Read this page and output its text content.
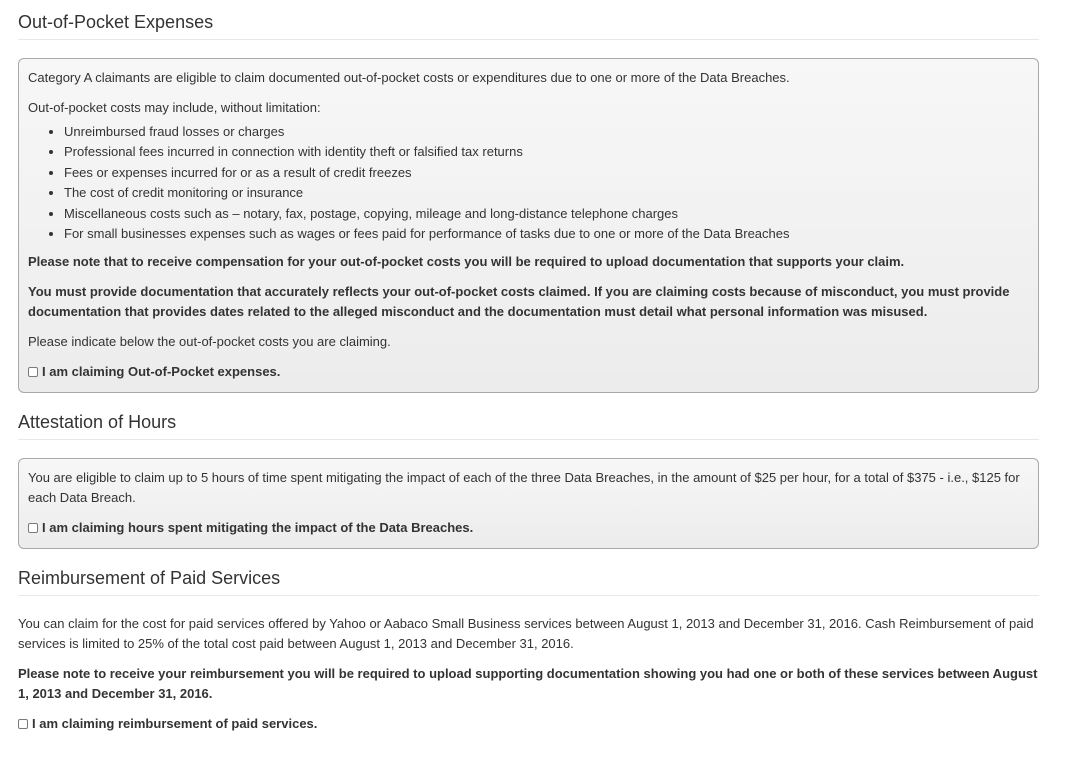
Out-of-Pocket Expenses

Category A claimants are eligible to claim documented out-of-pocket costs or expenditures due to one or more of the Data Breaches.

Out-of-pocket costs may include, without limitation:

• Unreimbursed fraud losses or charges
• Professional fees incurred in connection with identity theft or falsified tax returns
• Fees or expenses incurred for or as a result of credit freezes
• The cost of credit monitoring or insurance
• Miscellaneous costs such as – notary, fax, postage, copying, mileage and long-distance telephone charges
• For small businesses expenses such as wages or fees paid for performance of tasks due to one or more of the Data Breaches

Please note that to receive compensation for your out-of-pocket costs you will be required to upload documentation that supports your claim.

You must provide documentation that accurately reflects your out-of-pocket costs claimed. If you are claiming costs because of misconduct, you must provide documentation that provides dates related to the alleged misconduct and the documentation must detail what personal information was misused.

Please indicate below the out-of-pocket costs you are claiming.

I am claiming Out-of-Pocket expenses.
Attestation of Hours

You are eligible to claim up to 5 hours of time spent mitigating the impact of each of the three Data Breaches, in the amount of $25 per hour, for a total of $375 - i.e., $125 for each Data Breach.

I am claiming hours spent mitigating the impact of the Data Breaches.
Reimbursement of Paid Services

You can claim for the cost for paid services offered by Yahoo or Aabaco Small Business services between August 1, 2013 and December 31, 2016. Cash Reimbursement of paid services is limited to 25% of the total cost paid between August 1, 2013 and December 31, 2016.

Please note to receive your reimbursement you will be required to upload supporting documentation showing you had one or both of these services between August 1, 2013 and December 31, 2016.

I am claiming reimbursement of paid services.
